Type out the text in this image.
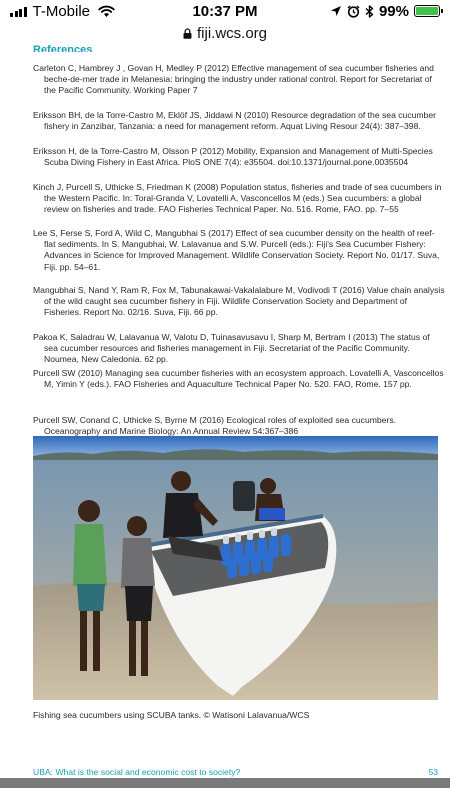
T-Mobile	10:37 PM	99%
fiji.wcs.org
References

Carleton C, Hambrey J , Govan H, Medley P (2012) Effective management of sea cucumber fisheries and beche-de-mer trade in Melanesia: bringing the industry under rational control. Report for Secretariat of the Pacific Community. Working Paper 7

Eriksson BH, de la Torre-Castro M, Eklöf JS, Jiddawi N (2010) Resource degradation of the sea cucumber fishery in Zanzibar, Tanzania: a need for management reform. Aquat Living Resour 24(4): 387–398.

Eriksson H, de la Torre-Castro M, Olsson P (2012) Mobility, Expansion and Management of Multi-Species Scuba Diving Fishery in East Africa. PloS ONE 7(4): e35504. doi:10.1371/journal.pone.0035504

Kinch J, Purcell S, Uthicke S, Friedman K (2008) Population status, fisheries and trade of sea cucumbers in the Western Pacific. In: Toral-Granda V, Lovatelli A, Vasconcellos M (eds.) Sea cucumbers: a global review on fisheries and trade. FAO Fisheries Technical Paper. No. 516. Rome, FAO. pp. 7–55

Lee S, Ferse S, Ford A, Wild C, Mangubhai S (2017) Effect of sea cucumber density on the health of reef-flat sediments. In S. Mangubhai, W. Lalavanua and S.W. Purcell (eds.): Fiji's Sea Cucumber Fishery: Advances in Science for Improved Management. Wildlife Conservation Society. Report No. 01/17. Suva, Fiji. pp. 54–61.

Mangubhai S, Nand Y, Ram R, Fox M, Tabunakawai-Vakalalabure M, Vodivodi T (2016) Value chain analysis of the wild caught sea cucumber fishery in Fiji. Wildlife Conservation Society and Department of Fisheries. Report No. 02/16. Suva, Fiji. 66 pp.

Pakoa K, Saladrau W, Lalavanua W, Valotu D, Tuinasavusavu I, Sharp M, Bertram I (2013) The status of sea cucumber resources and fisheries management in Fiji. Secretariat of the Pacific Community. Noumea, New Caledonia. 62 pp.

Purcell SW (2010) Managing sea cucumber fisheries with an ecosystem approach. Lovatelli A, Vasconcellos M, Yimin Y (eds.). FAO Fisheries and Aquaculture Technical Paper No. 520. FAO, Rome. 157 pp.

Purcell SW, Conand C, Uthicke S, Byrne M (2016) Ecological roles of exploited sea cucumbers. Oceanography and Marine Biology: An Annual Review 54:367–386

Fishing sea cucumbers using SCUBA tanks. © Watisoni Lalavanua/WCS
UBA: What is the social and economic cost to society?	53
